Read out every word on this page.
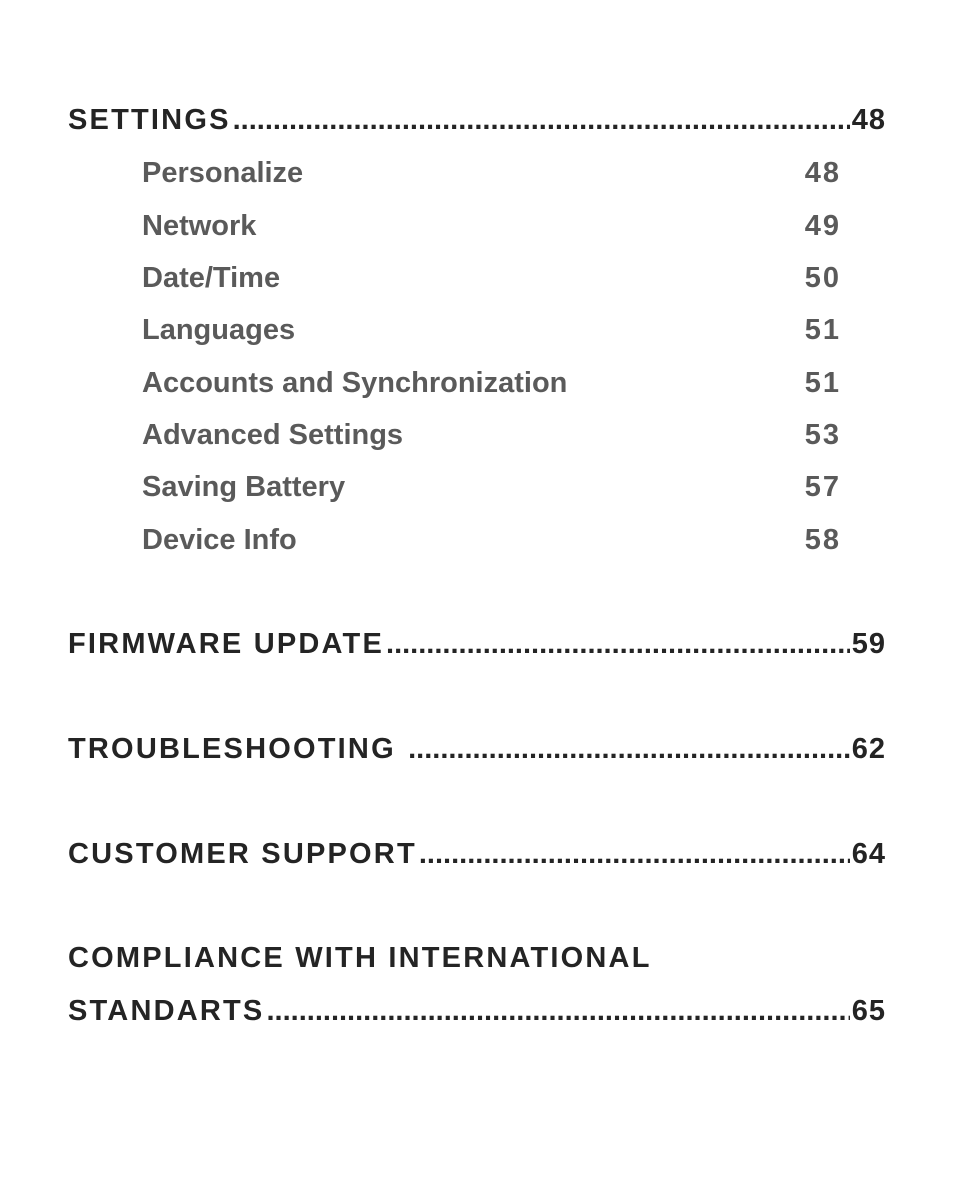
SETTINGS .....	48
Personalize	48
Network	49
Date/Time	50
Languages	51
Accounts and Synchronization	51
Advanced Settings	53
Saving Battery	57
Device Info	58
FIRMWARE UPDATE .....	59
TROUBLESHOOTING .....	62
CUSTOMER SUPPORT .....	64
COMPLIANCE WITH INTERNATIONAL
STANDARTS .....	65
